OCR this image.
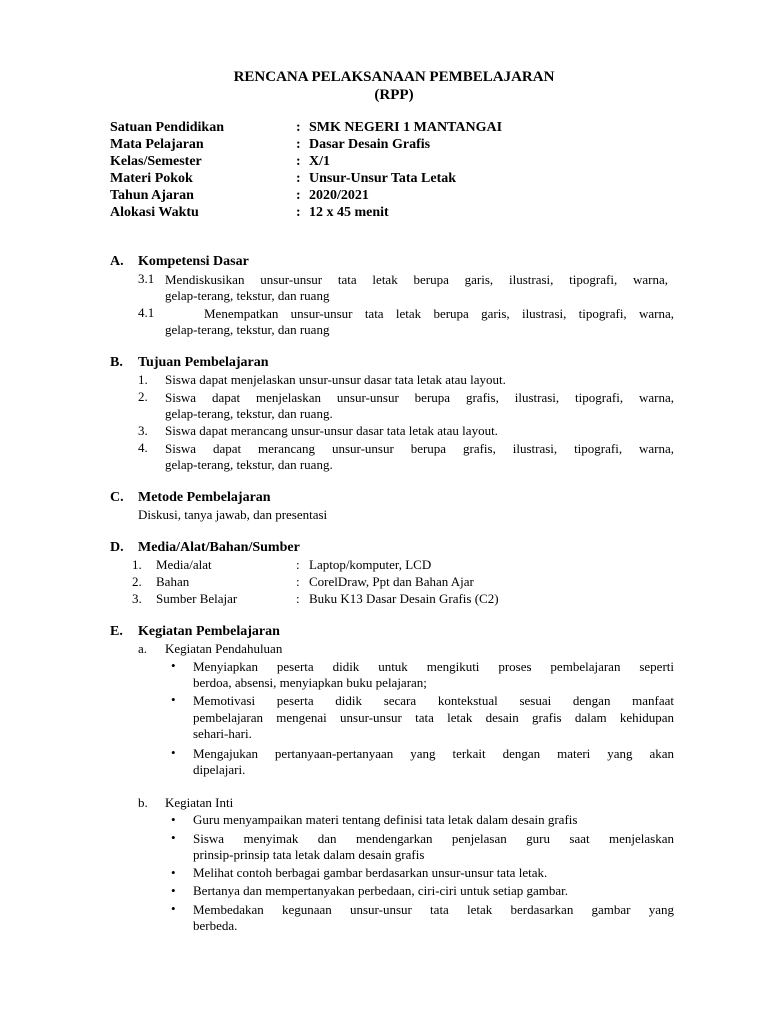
RENCANA PELAKSANAAN PEMBELAJARAN
(RPP)
Satuan Pendidikan	: SMK NEGERI 1 MANTANGAI
Mata Pelajaran	: Dasar Desain Grafis
Kelas/Semester	: X/1
Materi Pokok	: Unsur-Unsur Tata Letak
Tahun Ajaran	: 2020/2021
Alokasi Waktu	: 12 x 45 menit
A. Kompetensi Dasar
3.1 Mendiskusikan unsur-unsur tata letak berupa garis, ilustrasi, tipografi, warna,
gelap-terang, tekstur, dan ruang
4.1	Menempatkan unsur-unsur tata letak berupa garis, ilustrasi, tipografi, warna,
gelap-terang, tekstur, dan ruang
B. Tujuan Pembelajaran
1. Siswa dapat menjelaskan unsur-unsur dasar tata letak atau layout.
2. Siswa dapat menjelaskan unsur-unsur berupa grafis, ilustrasi, tipografi, warna,
gelap-terang, tekstur, dan ruang.
3. Siswa dapat merancang unsur-unsur dasar tata letak atau layout.
4. Siswa dapat merancang unsur-unsur berupa grafis, ilustrasi, tipografi, warna,
gelap-terang, tekstur, dan ruang.
C. Metode Pembelajaran
Diskusi, tanya jawab, dan presentasi
D. Media/Alat/Bahan/Sumber
1. Media/alat	: Laptop/komputer, LCD
2. Bahan	: CorelDraw, Ppt dan Bahan Ajar
3. Sumber Belajar	: Buku K13 Dasar Desain Grafis (C2)
E. Kegiatan Pembelajaran
a. Kegiatan Pendahuluan
• Menyiapkan peserta didik untuk mengikuti proses pembelajaran seperti
berdoa, absensi, menyiapkan buku pelajaran;
• Memotivasi peserta didik secara kontekstual sesuai dengan manfaat
pembelajaran mengenai unsur-unsur tata letak desain grafis dalam kehidupan
sehari-hari.
• Mengajukan pertanyaan-pertanyaan yang terkait dengan materi yang akan
dipelajari.
b. Kegiatan Inti
• Guru menyampaikan materi tentang definisi tata letak dalam desain grafis
• Siswa menyimak dan mendengarkan penjelasan guru saat menjelaskan
prinsip-prinsip tata letak dalam desain grafis
• Melihat contoh berbagai gambar berdasarkan unsur-unsur tata letak.
• Bertanya dan mempertanyakan perbedaan, ciri-ciri untuk setiap gambar.
• Membedakan kegunaan unsur-unsur tata letak berdasarkan gambar yang
berbeda.
